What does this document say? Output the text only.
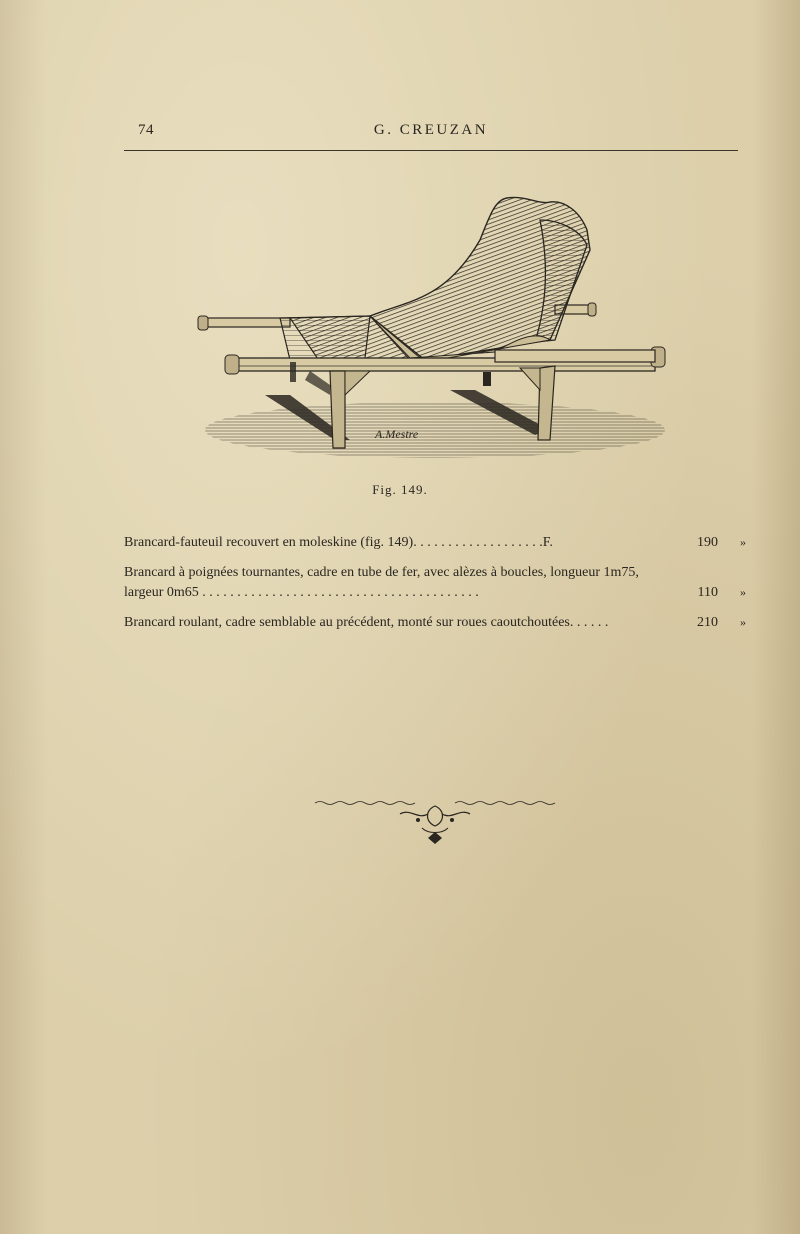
74	G. CREUZAN
A.Mestre
Fig. 149.
Brancard-fauteuil recouvert en moleskine (fig. 149). . . . . . . . . . . . . . . . . . .F.	190 »
Brancard à poignées tournantes, cadre en tube de fer, avec alèzes à boucles, longueur 1m75,
largeur 0m65 . . . . . . . . . . . . . . . . . . . . . . . . . . . . . . . . . . . . . . . .	110 »
Brancard roulant, cadre semblable au précédent, monté sur roues caoutchoutées. . . . . .	210 »
